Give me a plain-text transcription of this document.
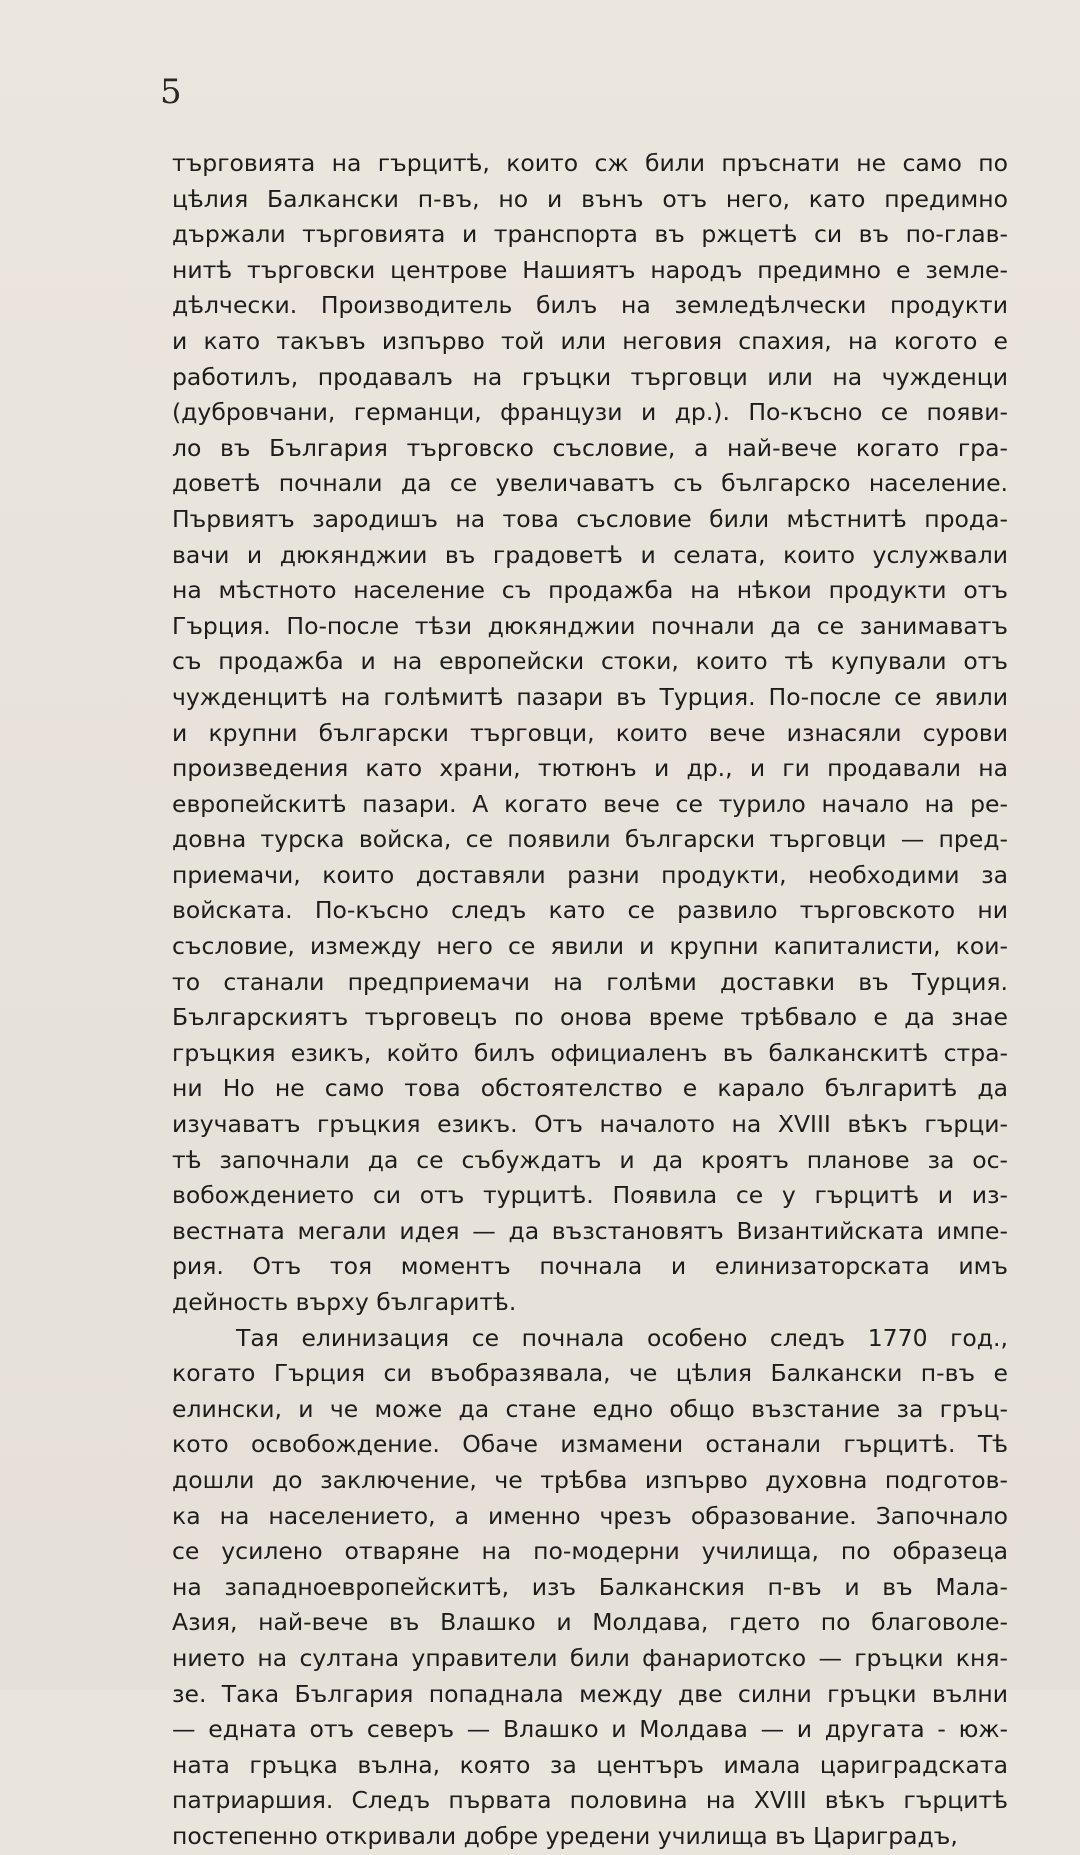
5

търговията на гърцитѣ, които сж били пръснати не само по
цѣлия Балкански п-въ, но и вънъ отъ него, като предимно
държали търговията и транспорта въ ржцетѣ си въ по-глав-
нитѣ търговски центрове Нашиятъ народъ предимно е земле-
дѣлчески. Производитель билъ на земледѣлчески продукти
и като такъвъ изпърво той или неговия спахия, на когото е
работилъ, продавалъ на гръцки търговци или на чужденци
(дубровчани, германци, французи и др.). По-късно се появи-
ло въ България търговско съсловие, а най-вече когато гра-
доветѣ почнали да се увеличаватъ съ българско население.
Първиятъ зародишъ на това съсловие били мѣстнитѣ прода-
вачи и дюкянджии въ градоветѣ и селата, които услужвали
на мѣстното население съ продажба на нѣкои продукти отъ
Гърция. По-после тѣзи дюкянджии почнали да се занимаватъ
съ продажба и на европейски стоки, които тѣ купували отъ
чужденцитѣ на голѣмитѣ пазари въ Турция. По-после се явили
и крупни български търговци, които вече изнасяли сурови
произведения като храни, тютюнъ и др., и ги продавали на
европейскитѣ пазари. А когато вече се турило начало на ре-
довна турска войска, се появили български търговци — пред-
приемачи, които доставяли разни продукти, необходими за
войската. По-късно следъ като се развило търговското ни
съсловие, измежду него се явили и крупни капиталисти, кои-
то станали предприемачи на голѣми доставки въ Турция.
Българскиятъ търговецъ по онова време трѣбвало е да знае
гръцкия езикъ, който билъ официаленъ въ балканскитѣ стра-
ни Но не само това обстоятелство е карало българитѣ да
изучаватъ гръцкия езикъ. Отъ началото на XVIII вѣкъ гърци-
тѣ започнали да се събуждатъ и да кроятъ планове за ос-
вобождението си отъ турцитѣ. Появила се у гърцитѣ и из-
вестната мегали идея — да възстановятъ Византийската импе-
рия. Отъ тоя моментъ почнала и елинизаторската имъ
дейность върху българитѣ.

Тая елинизация се почнала особено следъ 1770 год.,
когато Гърция си въобразявала, че цѣлия Балкански п-въ е
елински, и че може да стане едно общо възстание за гръц-
кото освобождение. Обаче измамени останали гърцитѣ. Тѣ
дошли до заключение, че трѣбва изпърво духовна подготов-
ка на населението, а именно чрезъ образование. Започнало
се усилено отваряне на по-модерни училища, по образеца
на западноевропейскитѣ, изъ Балканския п-въ и въ Мала-
Азия, най-вече въ Влашко и Молдава, гдето по благоволе-
нието на султана управители били фанариотско — гръцки кня-
зе. Така България попаднала между две силни гръцки вълни
— едната отъ северъ — Влашко и Молдава — и другата - юж-
ната гръцка вълна, която за центъръ имала цариградската
патриаршия. Следъ първата половина на XVIII вѣкъ гърцитѣ
постепенно откривали добре уредени училища въ Цариградъ,
